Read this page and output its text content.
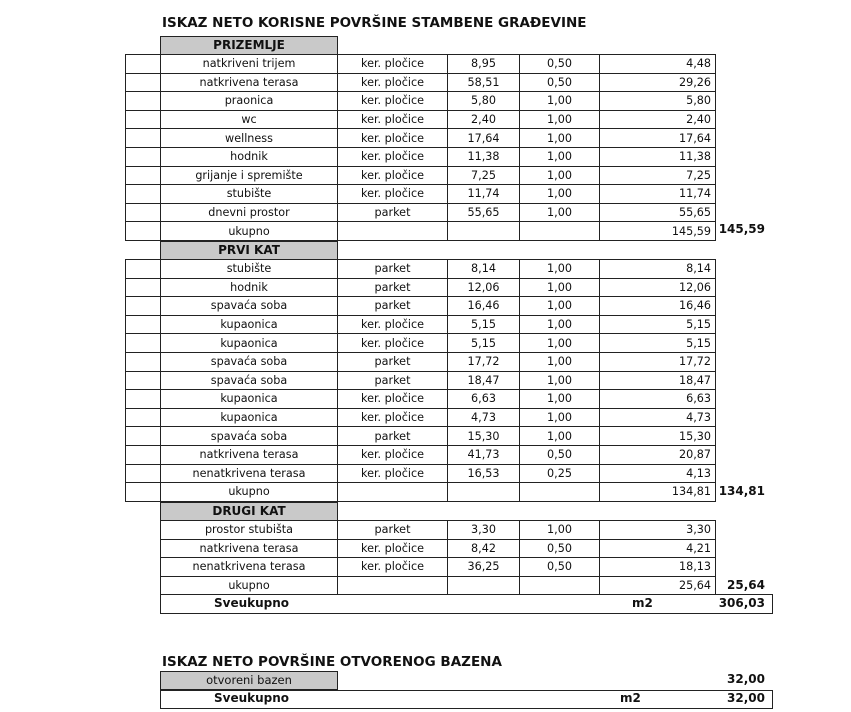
ISKAZ NETO KORISNE POVRŠINE STAMBENE GRAĐEVINE
PRIZEMLJE
	natkriveni trijem	ker. pločice	8,95	0,50	4,48
	natkrivena terasa	ker. pločice	58,51	0,50	29,26
	praonica	ker. pločice	5,80	1,00	5,80
	wc	ker. pločice	2,40	1,00	2,40
	wellness	ker. pločice	17,64	1,00	17,64
	hodnik	ker. pločice	11,38	1,00	11,38
	grijanje i spremište	ker. pločice	7,25	1,00	7,25
	stubište	ker. pločice	11,74	1,00	11,74
	dnevni prostor	parket	55,65	1,00	55,65
	ukupno				145,59 145,59
PRVI KAT
	stubište	parket	8,14	1,00	8,14
	hodnik	parket	12,06	1,00	12,06
	spavaća soba	parket	16,46	1,00	16,46
	kupaonica	ker. pločice	5,15	1,00	5,15
	kupaonica	ker. pločice	5,15	1,00	5,15
	spavaća soba	parket	17,72	1,00	17,72
	spavaća soba	parket	18,47	1,00	18,47
	kupaonica	ker. pločice	6,63	1,00	6,63
	kupaonica	ker. pločice	4,73	1,00	4,73
	spavaća soba	parket	15,30	1,00	15,30
	natkrivena terasa	ker. pločice	41,73	0,50	20,87
	nenatkrivena terasa	ker. pločice	16,53	0,25	4,13
	ukupno				134,81 134,81
DRUGI KAT
prostor stubišta	parket	3,30	1,00	3,30
natkrivena terasa	ker. pločice	8,42	0,50	4,21
nenatkrivena terasa	ker. pločice	36,25	0,50	18,13
ukupno				25,64	25,64
Sveukupno	m2	306,03
ISKAZ NETO POVRŠINE OTVORENOG BAZENA
otvoreni bazen	32,00
Sveukupno	m2	32,00
